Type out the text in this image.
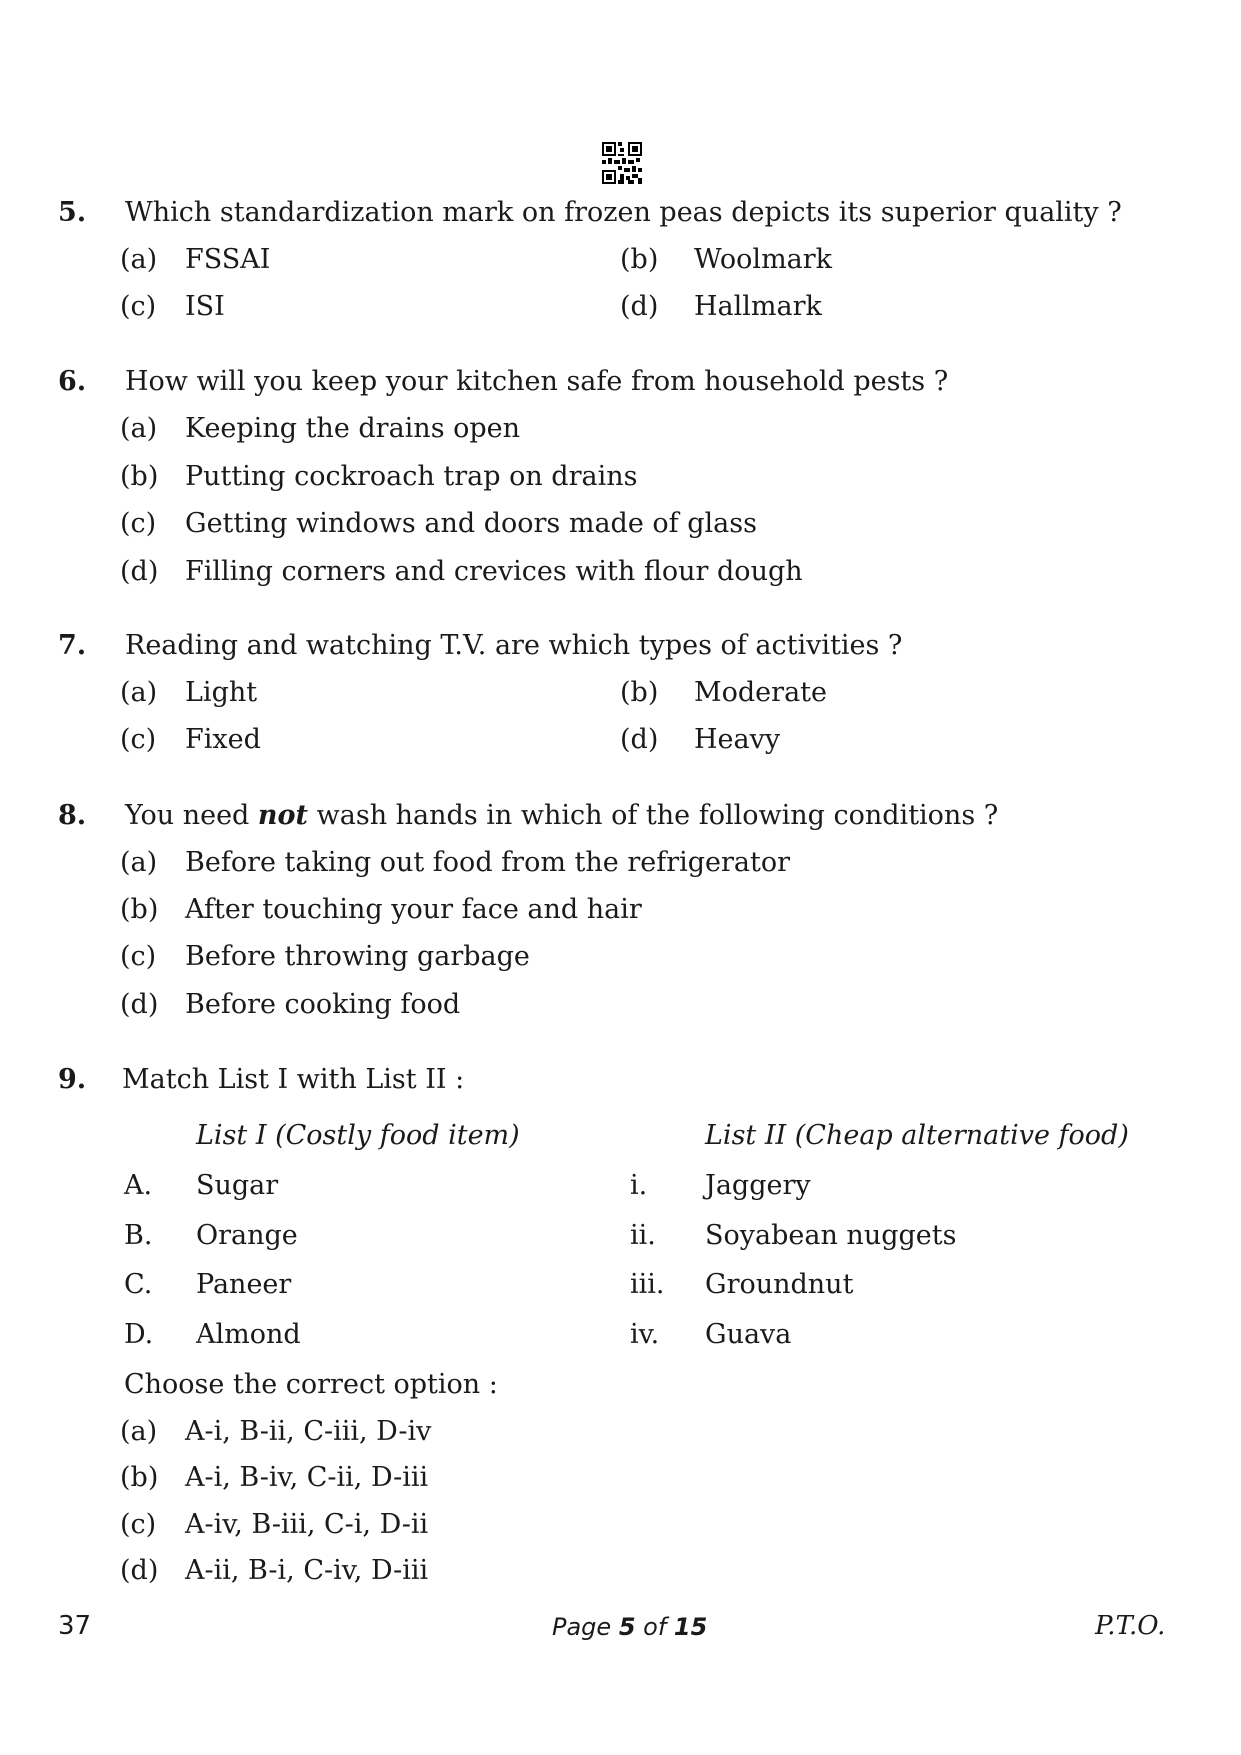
5. Which standardization mark on frozen peas depicts its superior quality ?
(a) FSSAI	(b) Woolmark
(c) ISI	(d) Hallmark
6. How will you keep your kitchen safe from household pests ?
(a) Keeping the drains open
(b) Putting cockroach trap on drains
(c) Getting windows and doors made of glass
(d) Filling corners and crevices with flour dough
7. Reading and watching T.V. are which types of activities ?
(a) Light	(b) Moderate
(c) Fixed	(d) Heavy
8. You need not wash hands in which of the following conditions ?
(a) Before taking out food from the refrigerator
(b) After touching your face and hair
(c) Before throwing garbage
(d) Before cooking food
9. Match List I with List II :
List I (Costly food item)	List II (Cheap alternative food)
A. Sugar	i. Jaggery
B. Orange	ii. Soyabean nuggets
C. Paneer	iii. Groundnut
D. Almond	iv. Guava
Choose the correct option :
(a) A-i, B-ii, C-iii, D-iv
(b) A-i, B-iv, C-ii, D-iii
(c) A-iv, B-iii, C-i, D-ii
(d) A-ii, B-i, C-iv, D-iii
37	Page 5 of 15	P.T.O.
